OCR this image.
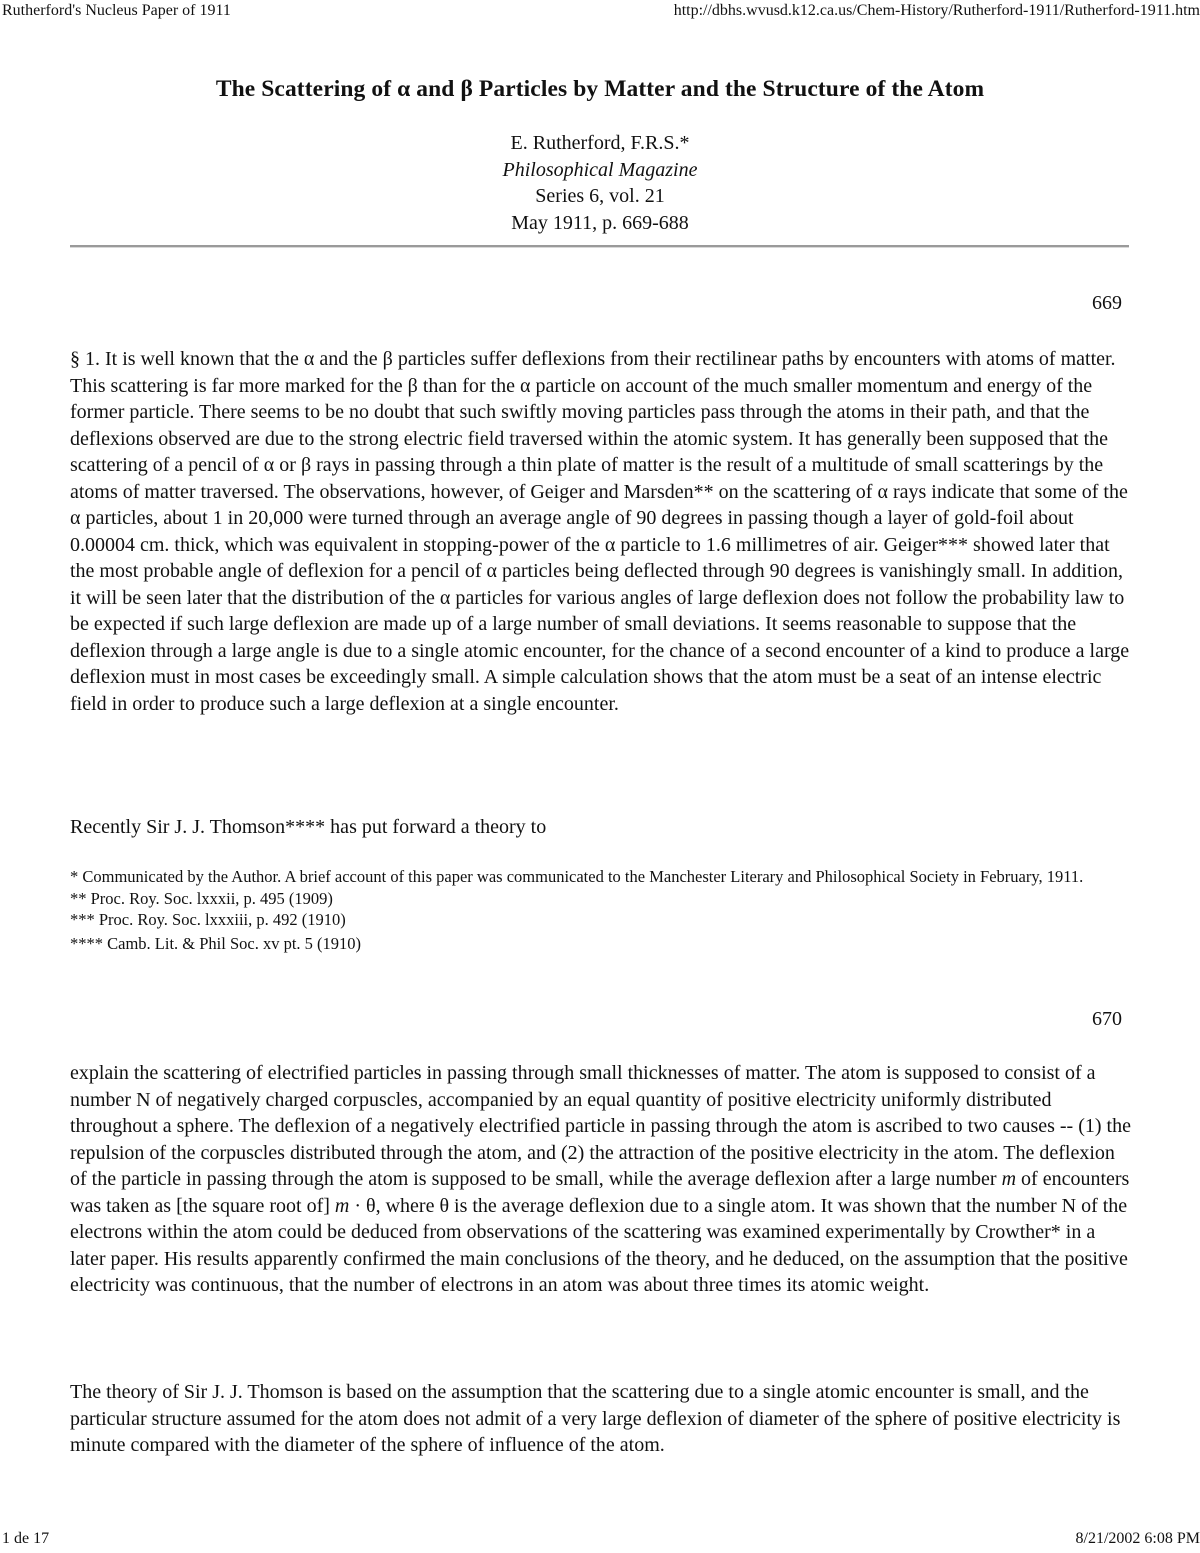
Rutherford's Nucleus Paper of 1911	http://dbhs.wvusd.k12.ca.us/Chem-History/Rutherford-1911/Rutherford-1911.htm
The Scattering of α and β Particles by Matter and the Structure of the Atom
E. Rutherford, F.R.S.*
Philosophical Magazine
Series 6, vol. 21
May 1911, p. 669-688
669

§ 1. It is well known that the α and the β particles suffer deflexions from their rectilinear paths by encounters with atoms of matter. This scattering is far more marked for the β than for the α particle on account of the much smaller momentum and energy of the former particle. There seems to be no doubt that such swiftly moving particles pass through the atoms in their path, and that the deflexions observed are due to the strong electric field traversed within the atomic system. It has generally been supposed that the scattering of a pencil of α or β rays in passing through a thin plate of matter is the result of a multitude of small scatterings by the atoms of matter traversed. The observations, however, of Geiger and Marsden** on the scattering of α rays indicate that some of the α particles, about 1 in 20,000 were turned through an average angle of 90 degrees in passing though a layer of gold-foil about 0.00004 cm. thick, which was equivalent in stopping-power of the α particle to 1.6 millimetres of air. Geiger*** showed later that the most probable angle of deflexion for a pencil of α particles being deflected through 90 degrees is vanishingly small. In addition, it will be seen later that the distribution of the α particles for various angles of large deflexion does not follow the probability law to be expected if such large deflexion are made up of a large number of small deviations. It seems reasonable to suppose that the deflexion through a large angle is due to a single atomic encounter, for the chance of a second encounter of a kind to produce a large deflexion must in most cases be exceedingly small. A simple calculation shows that the atom must be a seat of an intense electric field in order to produce such a large deflexion at a single encounter.

Recently Sir J. J. Thomson**** has put forward a theory to

* Communicated by the Author. A brief account of this paper was communicated to the Manchester Literary and Philosophical Society in February, 1911.
** Proc. Roy. Soc. lxxxii, p. 495 (1909)
*** Proc. Roy. Soc. lxxxiii, p. 492 (1910)
**** Camb. Lit. & Phil Soc. xv pt. 5 (1910)
670

explain the scattering of electrified particles in passing through small thicknesses of matter. The atom is supposed to consist of a number N of negatively charged corpuscles, accompanied by an equal quantity of positive electricity uniformly distributed throughout a sphere. The deflexion of a negatively electrified particle in passing through the atom is ascribed to two causes -- (1) the repulsion of the corpuscles distributed through the atom, and (2) the attraction of the positive electricity in the atom. The deflexion of the particle in passing through the atom is supposed to be small, while the average deflexion after a large number m of encounters was taken as [the square root of] m · θ, where θ is the average deflexion due to a single atom. It was shown that the number N of the electrons within the atom could be deduced from observations of the scattering was examined experimentally by Crowther* in a later paper. His results apparently confirmed the main conclusions of the theory, and he deduced, on the assumption that the positive electricity was continuous, that the number of electrons in an atom was about three times its atomic weight.

The theory of Sir J. J. Thomson is based on the assumption that the scattering due to a single atomic encounter is small, and the particular structure assumed for the atom does not admit of a very large deflexion of diameter of the sphere of positive electricity is minute compared with the diameter of the sphere of influence of the atom.

1 de 17	8/21/2002 6:08 PM
